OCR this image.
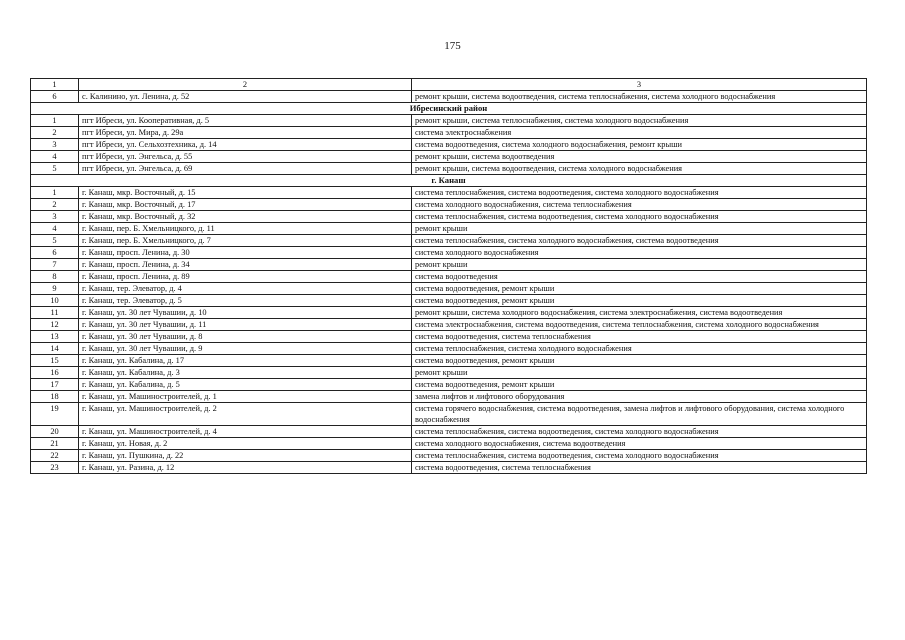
175
1	2	3
6	с. Калинино, ул. Ленина, д. 52	ремонт крыши, система водоотведения, система теплоснабжения, система холодного водоснабжения
Ибресинский район		
1	пгт Ибреси, ул. Кооперативная, д. 5	ремонт крыши, система теплоснабжения, система холодного водоснабжения
2	пгт Ибреси, ул. Мира, д. 29а	система электроснабжения
3	пгт Ибреси, ул. Сельхозтехника, д. 14	система водоотведения, система холодного водоснабжения, ремонт крыши
4	пгт Ибреси, ул. Энгельса, д. 55	ремонт крыши, система водоотведения
5	пгт Ибреси, ул. Энгельса, д. 69	ремонт крыши, система водоотведения, система холодного водоснабжения
г. Канаш		
1	г. Канаш, мкр. Восточный, д. 15	система теплоснабжения, система водоотведения, система холодного водоснабжения
2	г. Канаш, мкр. Восточный, д. 17	система холодного водоснабжения, система теплоснабжения
3	г. Канаш, мкр. Восточный, д. 32	система теплоснабжения, система водоотведения, система холодного водоснабжения
4	г. Канаш, пер. Б. Хмельницкого, д. 11	ремонт крыши
5	г. Канаш, пер. Б. Хмельницкого, д. 7	система теплоснабжения, система холодного водоснабжения, система водоотведения
6	г. Канаш, просп. Ленина, д. 30	система холодного водоснабжения
7	г. Канаш, просп. Ленина, д. 34	ремонт крыши
8	г. Канаш, просп. Ленина, д. 89	система водоотведения
9	г. Канаш, тер. Элеватор, д. 4	система водоотведения, ремонт крыши
10	г. Канаш, тер. Элеватор, д. 5	система водоотведения, ремонт крыши
11	г. Канаш, ул. 30 лет Чувашии, д. 10	ремонт крыши, система холодного водоснабжения, система электроснабжения, система водоотведения
12	г. Канаш, ул. 30 лет Чувашии, д. 11	система электроснабжения, система водоотведения, система теплоснабжения, система холодного водоснабжения
13	г. Канаш, ул. 30 лет Чувашии, д. 8	система водоотведения, система теплоснабжения
14	г. Канаш, ул. 30 лет Чувашии, д. 9	система теплоснабжения, система холодного водоснабжения
15	г. Канаш, ул. Кабалина, д. 17	система водоотведения, ремонт крыши
16	г. Канаш, ул. Кабалина, д. 3	ремонт крыши
17	г. Канаш, ул. Кабалина, д. 5	система водоотведения, ремонт крыши
18	г. Канаш, ул. Машиностроителей, д. 1	замена лифтов и лифтового оборудования
19	г. Канаш, ул. Машиностроителей, д. 2	система горячего водоснабжения, система водоотведения, замена лифтов и лифтового оборудования, система холодного водоснабжения
20	г. Канаш, ул. Машиностроителей, д. 4	система теплоснабжения, система водоотведения, система холодного водоснабжения
21	г. Канаш, ул. Новая, д. 2	система холодного водоснабжения, система водоотведения
22	г. Канаш, ул. Пушкина, д. 22	система теплоснабжения, система водоотведения, система холодного водоснабжения
23	г. Канаш, ул. Разина, д. 12	система водоотведения, система теплоснабжения
